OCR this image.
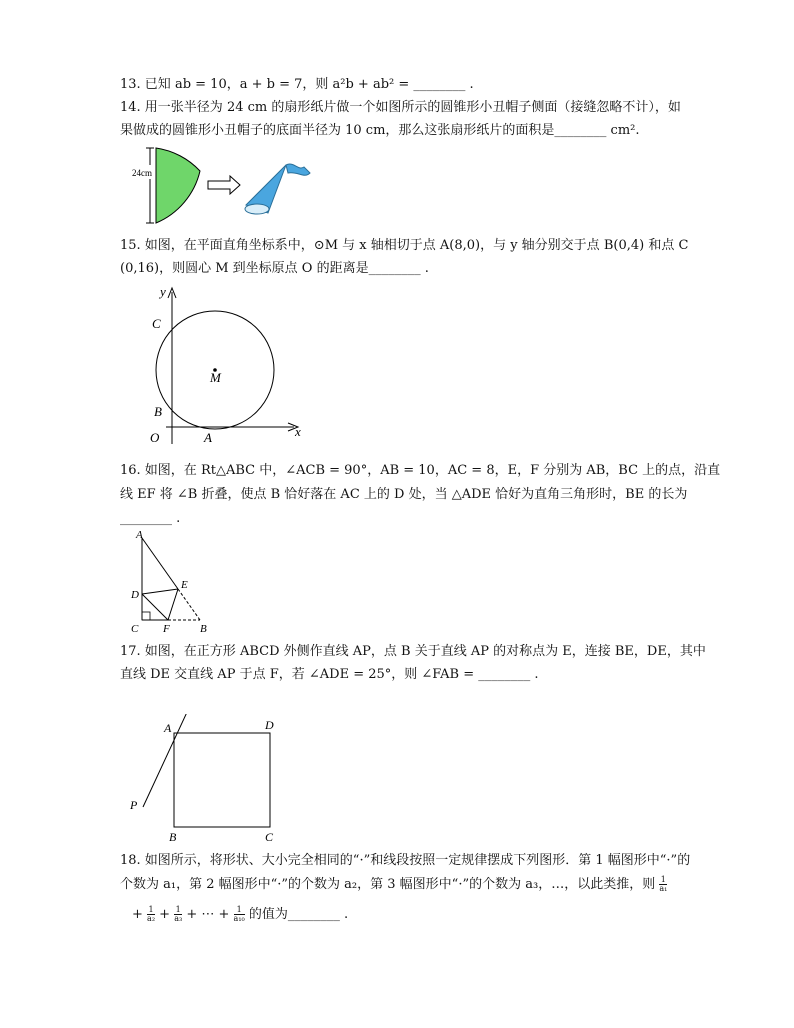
13. 已知 ab = 10，a + b = 7，则 a²b + ab² = ________ .
14. 用一张半径为 24 cm 的扇形纸片做一个如图所示的圆锥形小丑帽子侧面（接缝忽略不计），如
果做成的圆锥形小丑帽子的底面半径为 10 cm，那么这张扇形纸片的面积是________ cm².
24cm
15. 如图，在平面直角坐标系中，⊙M 与 x 轴相切于点 A(8,0)，与 y 轴分别交于点 B(0,4) 和点 C
(0,16)，则圆心 M 到坐标原点 O 的距离是________ .
y
x
C
B
O	A
M
16. 如图，在 Rt△ABC 中，∠ACB = 90°，AB = 10，AC = 8，E，F 分别为 AB，BC 上的点，沿直
线 EF 将 ∠B 折叠，使点 B 恰好落在 AC 上的 D 处，当 △ADE 恰好为直角三角形时，BE 的长为
________ .
A
D
E
C F	B
17. 如图，在正方形 ABCD 外侧作直线 AP，点 B 关于直线 AP 的对称点为 E，连接 BE，DE，其中
直线 DE 交直线 AP 于点 F，若 ∠ADE = 25°，则 ∠FAB = ________ .
A	D
P
B	C
18. 如图所示，将形状、大小完全相同的“·”和线段按照一定规律摆成下列图形．第 1 幅图形中“·”的
个数为 a₁，第 2 幅图形中“·”的个数为 a₂，第 3 幅图形中“·”的个数为 a₃，…，以此类推，则 $\frac{1}{\text{a₁}}$
+ $\frac{1}{\text{a₂}} + \frac{1}{\text{a₃}}$ + ⋯ + $\frac{1}{\text{a₁₀}}$ 的值为________ .
